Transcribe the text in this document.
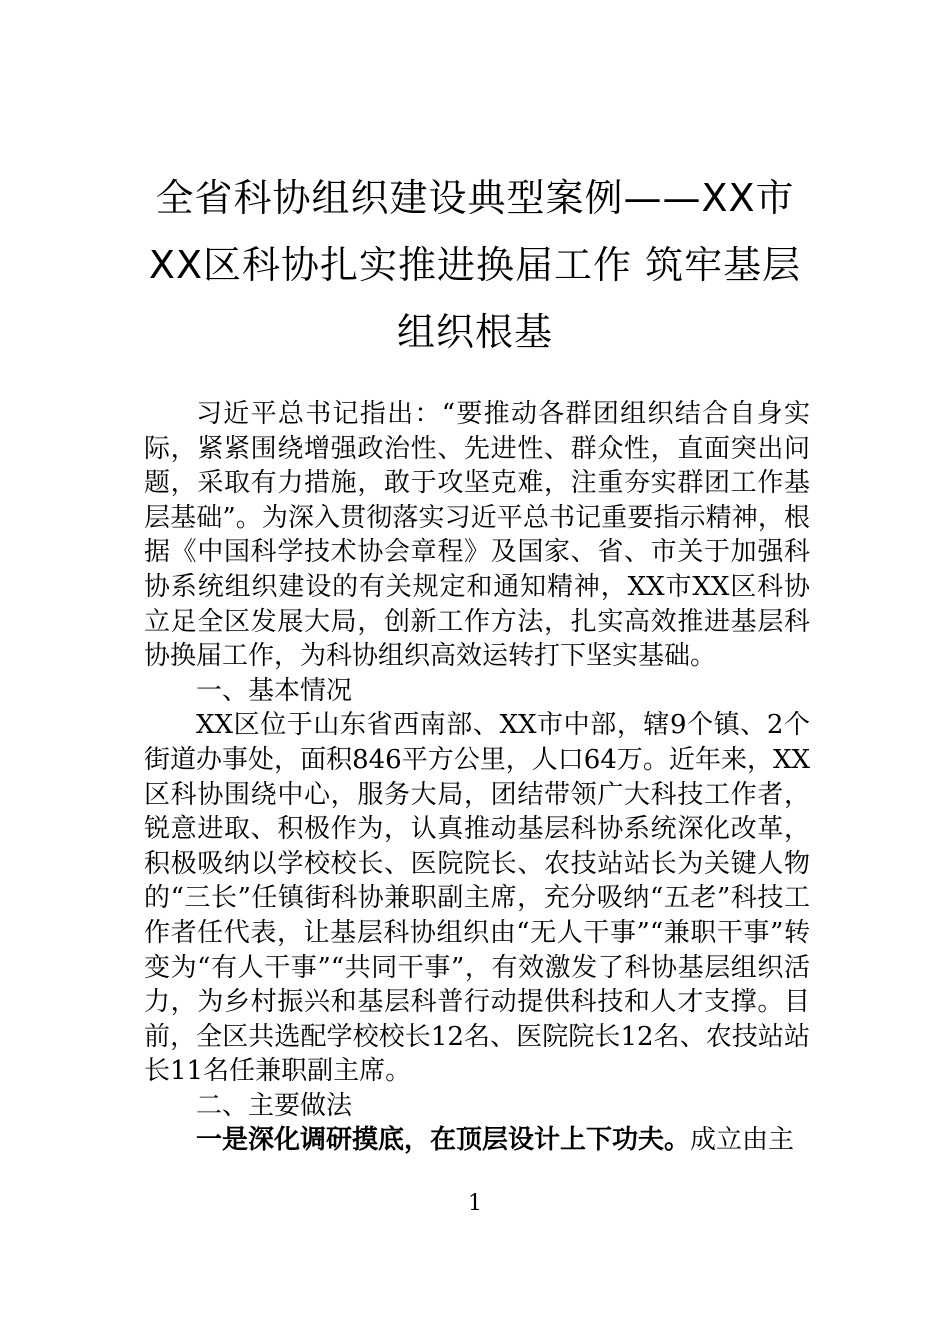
全省科协组织建设典型案例——XX市XX区科协扎实推进换届工作 筑牢基层组织根基

习近平总书记指出：“要推动各群团组织结合自身实际，紧紧围绕增强政治性、先进性、群众性，直面突出问题，采取有力措施，敢于攻坚克难，注重夯实群团工作基层基础”。为深入贯彻落实习近平总书记重要指示精神，根据《中国科学技术协会章程》及国家、省、市关于加强科协系统组织建设的有关规定和通知精神，XX市XX区科协立足全区发展大局，创新工作方法，扎实高效推进基层科协换届工作，为科协组织高效运转打下坚实基础。

一、基本情况

XX区位于山东省西南部、XX市中部，辖9个镇、2个街道办事处，面积846平方公里，人口64万。近年来，XX区科协围绕中心，服务大局，团结带领广大科技工作者，锐意进取、积极作为，认真推动基层科协系统深化改革，积极吸纳以学校校长、医院院长、农技站站长为关键人物的“三长”任镇街科协兼职副主席，充分吸纳“五老”科技工作者任代表，让基层科协组织由“无人干事”“兼职干事”转变为“有人干事”“共同干事”，有效激发了科协基层组织活力，为乡村振兴和基层科普行动提供科技和人才支撑。目前，全区共选配学校校长12名、医院院长12名、农技站站长11名任兼职副主席。

二、主要做法

一是深化调研摸底，在顶层设计上下功夫。成立由主

1
